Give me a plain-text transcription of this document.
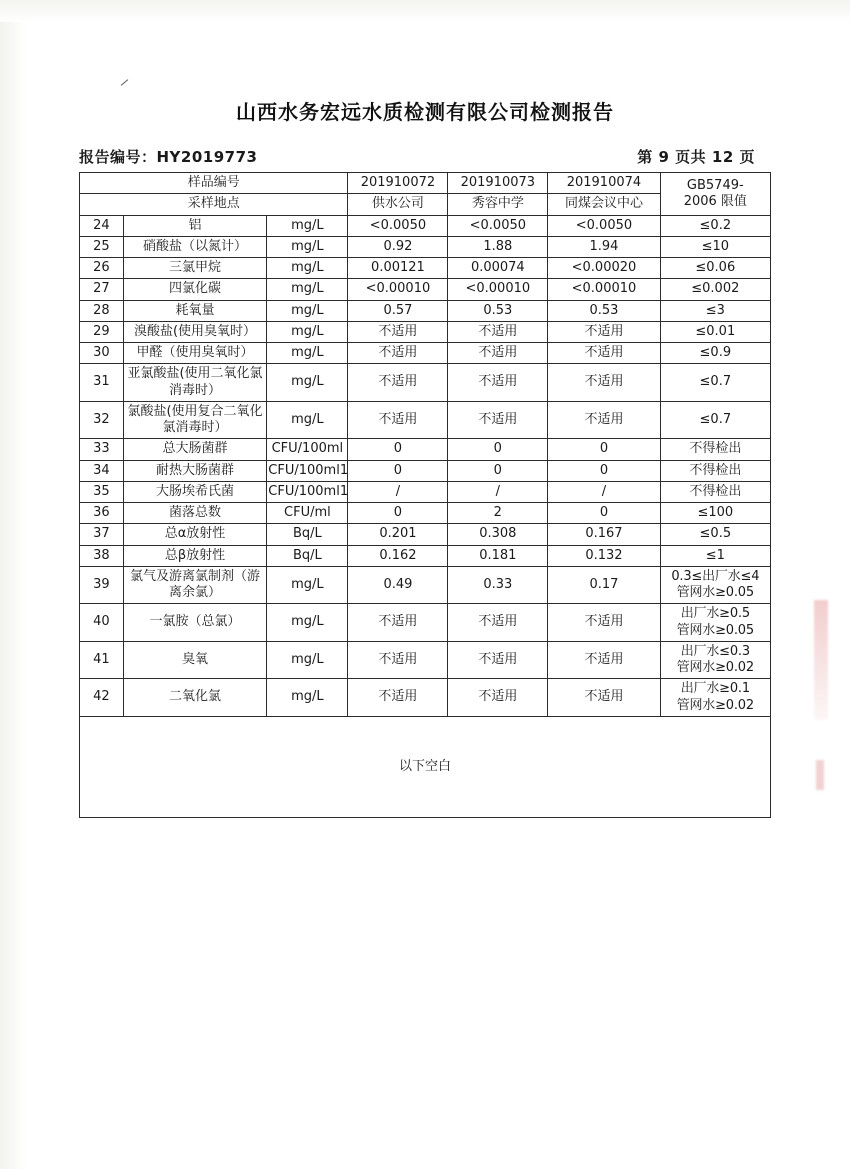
山西水务宏远水质检测有限公司检测报告
报告编号：HY2019773	第 9 页共 12 页
样品编号			201910072	201910073	201910074	GB5749-
2006 限值

采样地点			供水公司	秀容中学	同煤会议中心	
24	铝	mg/L	<0.0050	<0.0050	<0.0050	≤0.2
25	硝酸盐（以氮计）	mg/L	0.92	1.88	1.94	≤10
26	三氯甲烷	mg/L	0.00121	0.00074	<0.00020	≤0.06
27	四氯化碳	mg/L	<0.00010	<0.00010	<0.00010	≤0.002
28	耗氧量	mg/L	0.57	0.53	0.53	≤3
29	溴酸盐(使用臭氧时）	mg/L	不适用	不适用	不适用	≤0.01
30	甲醛（使用臭氧时）	mg/L	不适用	不适用	不适用	≤0.9
31	亚氯酸盐(使用二氧化氯消毒时）	mg/L	不适用	不适用	不适用	≤0.7
32	氯酸盐(使用复合二氧化氯消毒时）	mg/L	不适用	不适用	不适用	≤0.7
33	总大肠菌群	CFU/100ml	0	0	0	不得检出
34	耐热大肠菌群	CFU/100ml1	0	0	0	不得检出
35	大肠埃希氏菌	CFU/100ml1	/	/	/	不得检出
36	菌落总数	CFU/ml	0	2	0	≤100
37	总α放射性	Bq/L	0.201	0.308	0.167	≤0.5
38	总β放射性	Bq/L	0.162	0.181	0.132	≤1
39	氯气及游离氯制剂（游离余氯）	mg/L	0.49	0.33	0.17	0.3≤出厂水≤4
管网水≥0.05

40	一氯胺（总氯）	mg/L	不适用	不适用	不适用	出厂水≥0.5
管网水≥0.05

41	臭氧	mg/L	不适用	不适用	不适用	出厂水≤0.3
管网水≥0.02

42	二氧化氯	mg/L	不适用	不适用	不适用	出厂水≥0.1
管网水≥0.02

以下空白						
